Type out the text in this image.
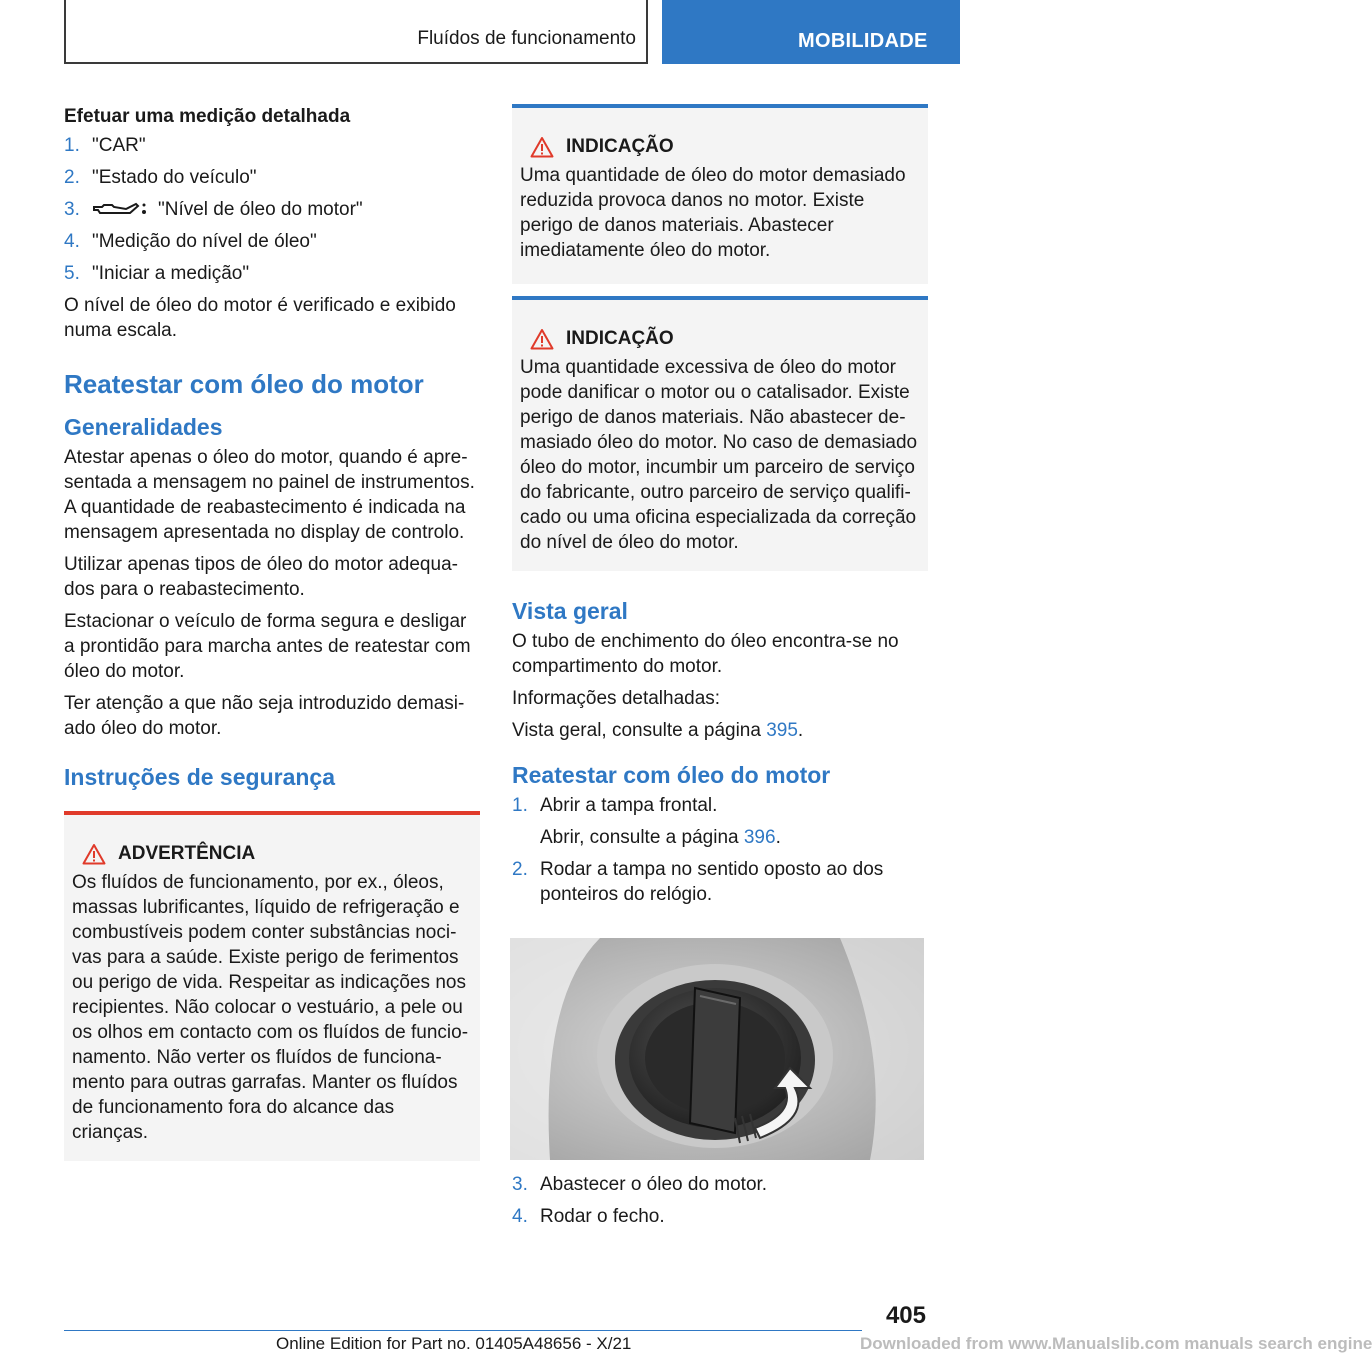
Fluídos de funcionamento	MOBILIDADE
Efetuar uma medição detalhada
1. "CAR"
2. "Estado do veículo"
3.	"Nível de óleo do motor"
4. "Medição do nível de óleo"
5. "Iniciar a medição"

O nível de óleo do motor é verificado e exibido numa escala.

Reatestar com óleo do motor
Generalidades

Atestar apenas o óleo do motor, quando é apresentada a mensagem no painel de instrumentos. A quantidade de reabastecimento é indicada na mensagem apresentada no display de controlo.

Utilizar apenas tipos de óleo do motor adequados para o reabastecimento.

Estacionar o veículo de forma segura e desligar a prontidão para marcha antes de reatestar com óleo do motor.

Ter atenção a que não seja introduzido demasiado óleo do motor.

Instruções de segurança
ADVERTÊNCIA
Os fluídos de funcionamento, por ex., óleos, massas lubrificantes, líquido de refrigeração e combustíveis podem conter substâncias nocivas para a saúde. Existe perigo de ferimentos ou perigo de vida. Respeitar as indicações nos recipientes. Não colocar o vestuário, a pele ou os olhos em contacto com os fluídos de funcionamento. Não verter os fluídos de funcionamento para outras garrafas. Manter os fluídos de funcionamento fora do alcance das crianças.
INDICAÇÃO
Uma quantidade de óleo do motor demasiado reduzida provoca danos no motor. Existe perigo de danos materiais. Abastecer imediatamente óleo do motor.
INDICAÇÃO
Uma quantidade excessiva de óleo do motor pode danificar o motor ou o catalisador. Existe perigo de danos materiais. Não abastecer demasiado óleo do motor. No caso de demasiado óleo do motor, incumbir um parceiro de serviço do fabricante, outro parceiro de serviço qualificado ou uma oficina especializada da correção do nível de óleo do motor.
Vista geral

O tubo de enchimento do óleo encontra-se no compartimento do motor.

Informações detalhadas:

Vista geral, consulte a página 395.

Reatestar com óleo do motor
1. Abrir a tampa frontal.

Abrir, consulte a página 396.

2. Rodar a tampa no sentido oposto ao dos ponteiros do relógio.
3. Abastecer o óleo do motor.
4. Rodar o fecho.
405
Online Edition for Part no. 01405A48656 - X/21	Downloaded from www.Manualslib.com manuals search engine
